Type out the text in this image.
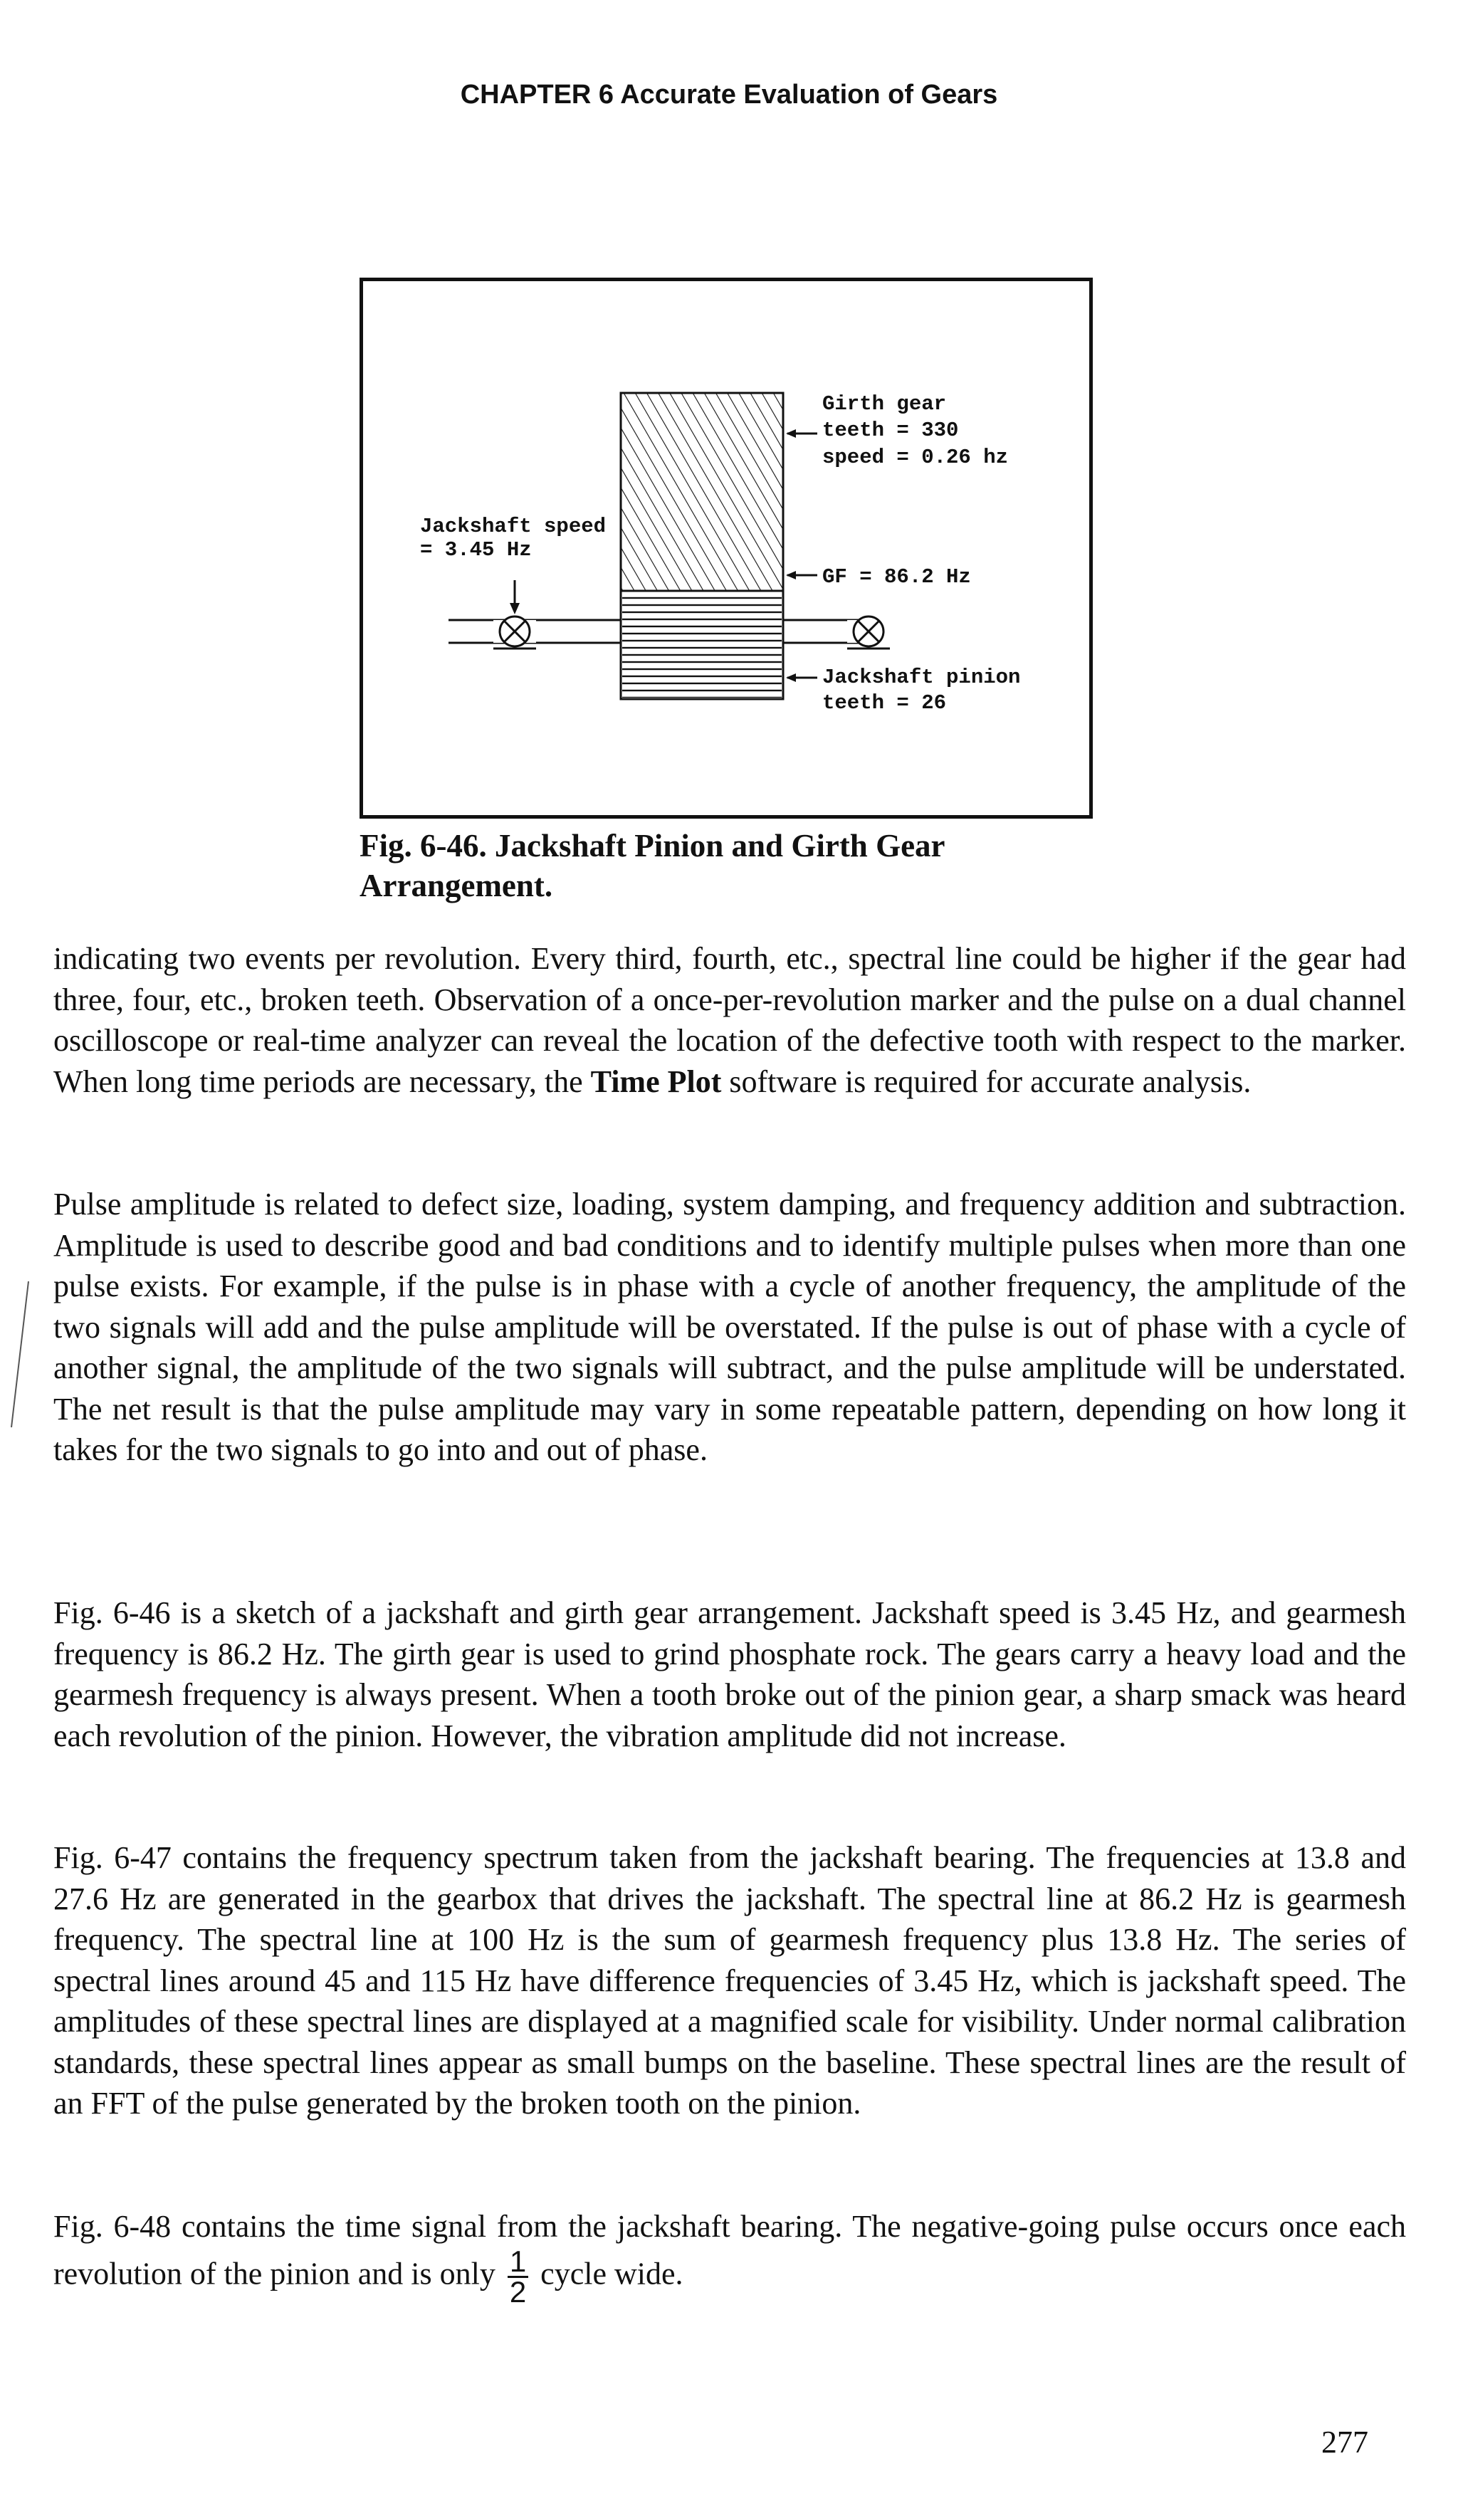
CHAPTER 6 Accurate Evaluation of Gears
Girth gear
teeth = 330
speed = 0.26 hz
Jackshaft speed
= 3.45 Hz
GF = 86.2 Hz
Jackshaft pinion
teeth = 26
Fig. 6-46. Jackshaft Pinion and Girth Gear
Arrangement.

indicating two events per revolution. Every third, fourth, etc., spectral line could be higher if the gear had three, four, etc., broken teeth. Observation of a once-per-revolution marker and the pulse on a dual channel oscilloscope or real-time analyzer can reveal the location of the defective tooth with respect to the marker. When long time periods are necessary, the Time Plot software is required for accurate analysis.

Pulse amplitude is related to defect size, loading, system damping, and frequency addition and subtraction. Amplitude is used to describe good and bad conditions and to identify multiple pulses when more than one pulse exists. For example, if the pulse is in phase with a cycle of another frequency, the amplitude of the two signals will add and the pulse amplitude will be overstated. If the pulse is out of phase with a cycle of another signal, the amplitude of the two signals will subtract, and the pulse amplitude will be understated. The net result is that the pulse amplitude may vary in some repeatable pattern, depending on how long it takes for the two signals to go into and out of phase.

Fig. 6-46 is a sketch of a jackshaft and girth gear arrangement. Jackshaft speed is 3.45 Hz, and gearmesh frequency is 86.2 Hz. The girth gear is used to grind phosphate rock. The gears carry a heavy load and the gearmesh frequency is always present. When a tooth broke out of the pinion gear, a sharp smack was heard each revolution of the pinion. However, the vibration amplitude did not increase.

Fig. 6-47 contains the frequency spectrum taken from the jackshaft bearing. The frequencies at 13.8 and 27.6 Hz are generated in the gearbox that drives the jackshaft. The spectral line at 86.2 Hz is gearmesh frequency. The spectral line at 100 Hz is the sum of gearmesh frequency plus 13.8 Hz. The series of spectral lines around 45 and 115 Hz have difference frequencies of 3.45 Hz, which is jackshaft speed. The amplitudes of these spectral lines are displayed at a magnified scale for visibility. Under normal calibration standards, these spectral lines appear as small bumps on the baseline. These spectral lines are the result of an FFT of the pulse generated by the broken tooth on the pinion.

Fig. 6-48 contains the time signal from the jackshaft bearing. The negative-going pulse occurs once each revolution of the pinion and is only $\frac{1}{2}$ cycle wide.

277
